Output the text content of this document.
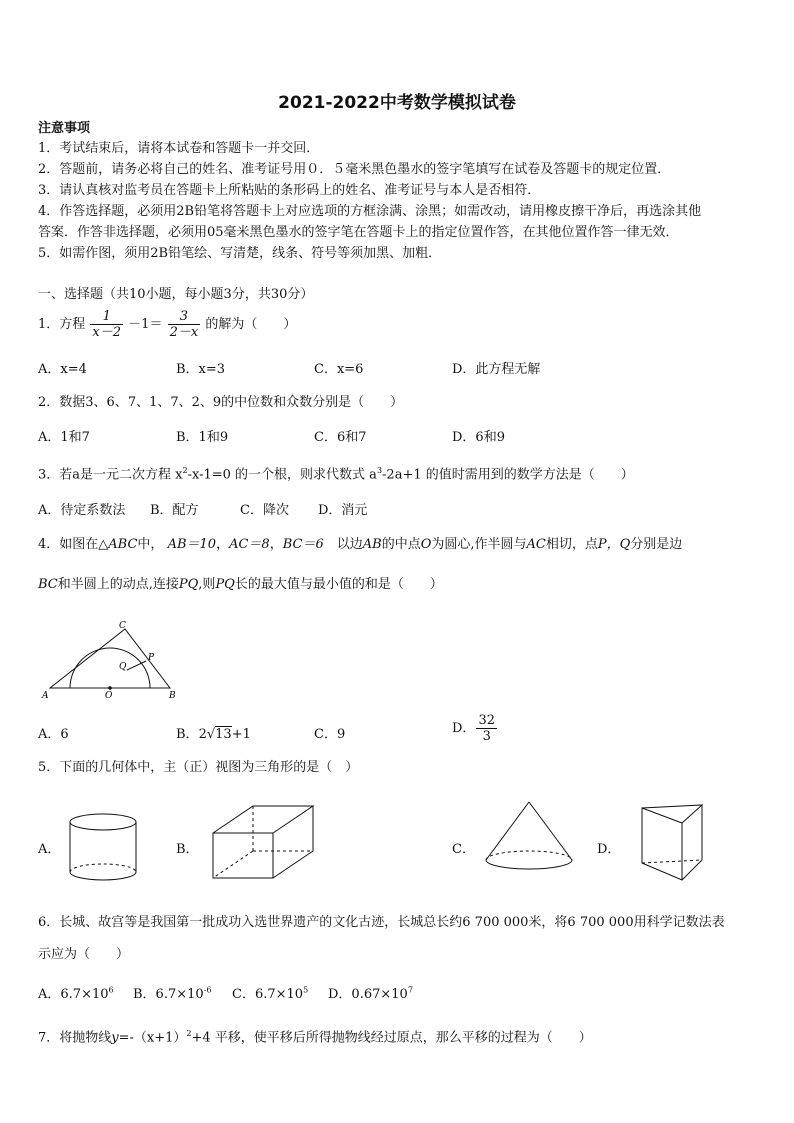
2021-2022中考数学模拟试卷
注意事项
1．考试结束后，请将本试卷和答题卡一并交回．
2．答题前，请务必将自己的姓名、准考证号用０．５毫米黑色墨水的签字笔填写在试卷及答题卡的规定位置．
3．请认真核对监考员在答题卡上所粘贴的条形码上的姓名、准考证号与本人是否相符．
4．作答选择题，必须用2B铅笔将答题卡上对应选项的方框涂满、涂黑；如需改动，请用橡皮擦干净后，再选涂其他
答案．作答非选择题，必须用05毫米黑色墨水的签字笔在答题卡上的指定位置作答，在其他位置作答一律无效．
5．如需作图，须用2B铅笔绘、写清楚，线条、符号等须加黑、加粗．
一、选择题（共10小题，每小题3分，共30分）
1．方程 $\frac{1}{x-2} -1= \frac{3}{2-x}$ 的解为（　　）
A．x=4	B．x=3	C．x=6	D．此方程无解
2．数据3、6、7、1、7、2、9的中位数和众数分别是（　　）
A．1和7	B．1和9	C．6和7	D．6和9
3．若a是一元二次方程 $x^2-x-1=0$ 的一个根，则求代数式 $a^3-2a+1$ 的值时需用到的数学方法是（　　）
A．待定系数法 B．配方	C．降次 D．消元
4．如图在△ABC中， AB＝10，AC＝8，BC＝6　 以边AB的中点O为圆心,作半圆与AC相切，点P，Q分别是边
BC和半圆上的动点,连接PQ,则PQ长的最大值与最小值的和是（　　）
C
Q
P
A	O	B
A．6	B．2√13+1	C．9	D． $\frac{32}{3}$
5．下面的几何体中，主（正）视图为三角形的是（　）
A．	B．	C．	D．
6．长城、故宫等是我国第一批成功入选世界遗产的文化古迹，长城总长约6 700 000米，将6 700 000用科学记数法表
示应为（　　）
A．$6.7\times 10^6$ B．$6.7\times 10^{-6}$ C．$6.7\times 10^5$ D．$0.67\times 10^7$
7．将抛物线$y=-(x+1)^2+4$ 平移，使平移后所得抛物线经过原点，那么平移的过程为（　　）
